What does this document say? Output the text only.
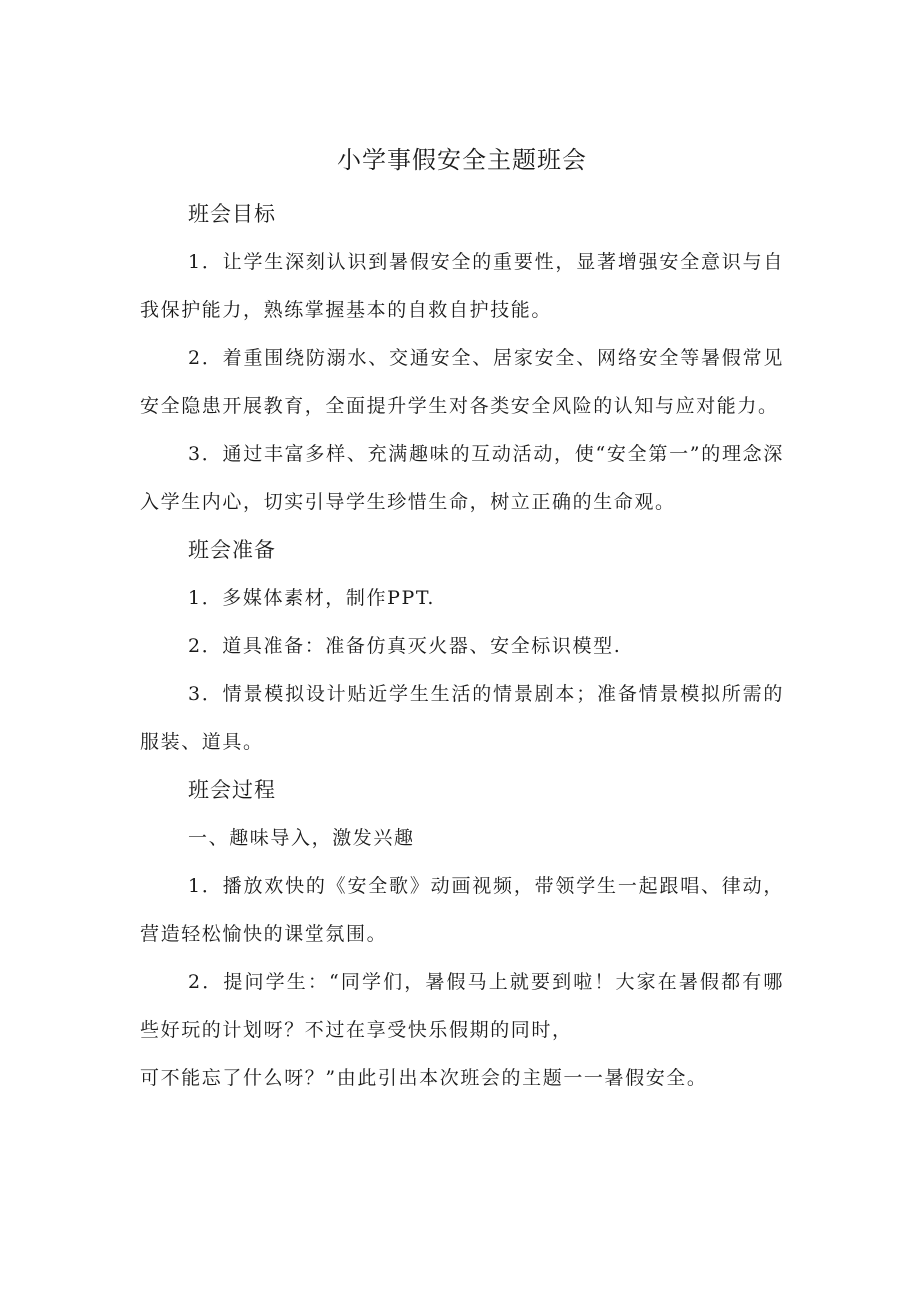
小学事假安全主题班会
班会目标

1．让学生深刻认识到暑假安全的重要性，显著增强安全意识与自我保护能力，熟练掌握基本的自救自护技能。

2．着重围绕防溺水、交通安全、居家安全、网络安全等暑假常见安全隐患开展教育，全面提升学生对各类安全风险的认知与应对能力。

3．通过丰富多样、充满趣味的互动活动，使“安全第一”的理念深入学生内心，切实引导学生珍惜生命，树立正确的生命观。

班会准备

1．多媒体素材，制作PPT.

2．道具准备：准备仿真灭火器、安全标识模型.

3．情景模拟设计贴近学生生活的情景剧本；准备情景模拟所需的服装、道具。

班会过程

一、趣味导入，激发兴趣

1．播放欢快的《安全歌》动画视频，带领学生一起跟唱、律动，营造轻松愉快的课堂氛围。

2．提问学生：“同学们，暑假马上就要到啦！大家在暑假都有哪些好玩的计划呀？不过在享受快乐假期的同时，
可不能忘了什么呀？”由此引出本次班会的主题一一暑假安全。
